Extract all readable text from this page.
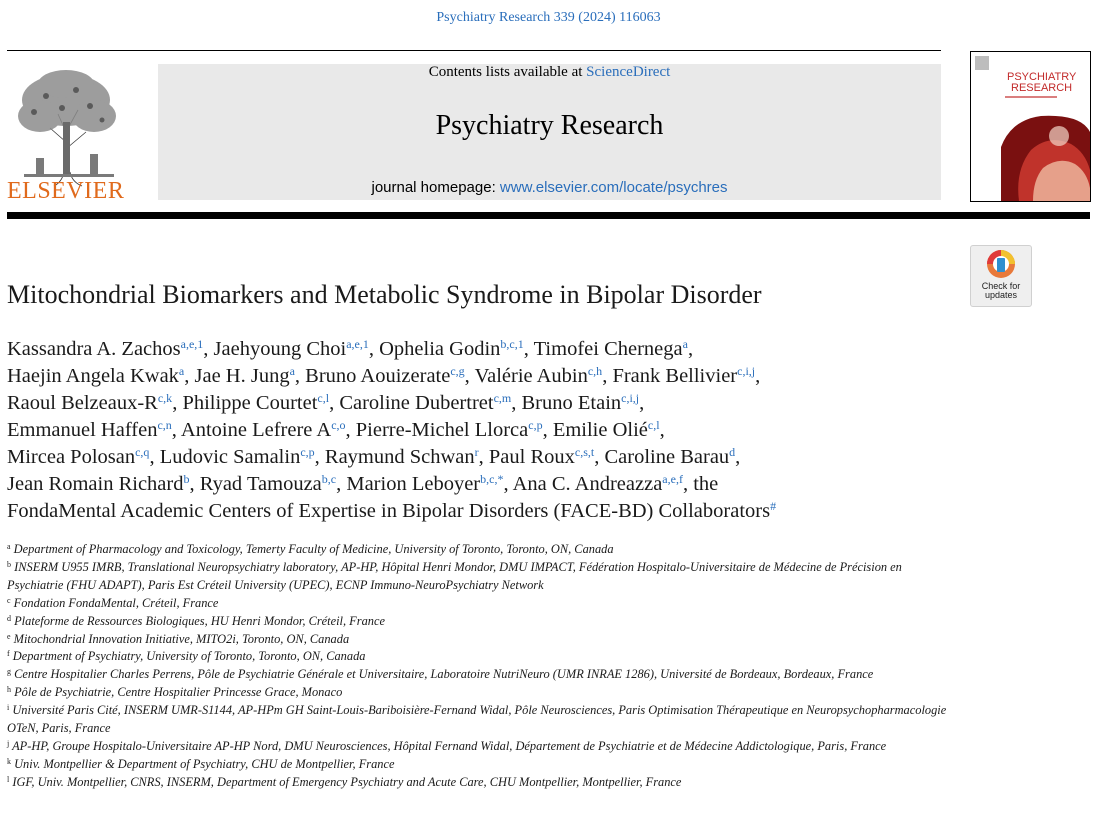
Psychiatry Research 339 (2024) 116063
ELSEVIER
Contents lists available at ScienceDirect
Psychiatry Research
journal homepage: www.elsevier.com/locate/psychres
PSYCHIATRY
RESEARCH
Check for
updates
Mitochondrial Biomarkers and Metabolic Syndrome in Bipolar Disorder
Kassandra A. Zachos$^{a,e,1}$, Jaehyoung Choi$^{a,e,1}$, Ophelia Godin$^{b,c,1}$, Timofei Chernega$^a$,
Haejin Angela Kwak$^a$, Jae H. Jung$^a$, Bruno Aouizerate$^{c,g}$, Valérie Aubin$^{c,h}$, Frank Bellivier$^{c,i,j}$,
Raoul Belzeaux-$R^{c,k}$, Philippe Courtet$^{c,l}$, Caroline Dubertret$^{c,m}$, Bruno Etain$^{c,i,j}$,
Emmanuel Haffen$^{c,n}$, Antoine Lefrere A$^{c,o}$, Pierre-Michel Llorca$^{c,p}$, Emilie Olié$^{c,l}$,
Mircea Polosan$^{c,q}$, Ludovic Samalin$^{c,p}$, Raymund Schwan$^r$, Paul Roux$^{c,s,t}$, Caroline Barau$^d$,
Jean Romain Richard$^b$, Ryad Tamouza$^{b,c}$, Marion Leboyer$^{b,c,*}$, Ana C. Andreazza$^{a,e,f}$, the
FondaMental Academic Centers of Expertise in Bipolar Disorders (FACE-BD) Collaborators#

$^a$ Department of Pharmacology and Toxicology, Temerty Faculty of Medicine, University of Toronto, Toronto, ON, Canada

$^b$ INSERM U955 IMRB, Translational Neuropsychiatry laboratory, AP-HP, Hôpital Henri Mondor, DMU IMPACT, Fédération Hospitalo-Universitaire de Médecine de Précision en Psychiatrie (FHU ADAPT), Paris Est Créteil University (UPEC), ECNP Immuno-NeuroPsychiatry Network

$^c$ Fondation FondaMental, Créteil, France

$^d$ Plateforme de Ressources Biologiques, HU Henri Mondor, Créteil, France

$^e$ Mitochondrial Innovation Initiative, MITO2i, Toronto, ON, Canada

$^f$ Department of Psychiatry, University of Toronto, Toronto, ON, Canada

$^g$ Centre Hospitalier Charles Perrens, Pôle de Psychiatrie Générale et Universitaire, Laboratoire NutriNeuro (UMR INRAE 1286), Université de Bordeaux, Bordeaux, France

$^h$ Pôle de Psychiatrie, Centre Hospitalier Princesse Grace, Monaco

$^i$ Université Paris Cité, INSERM UMR-S1144, AP-HPm GH Saint-Louis-Bariboisière-Fernand Widal, Pôle Neurosciences, Paris Optimisation Thérapeutique en Neuropsychopharmacologie OTeN, Paris, France

$^j$ AP-HP, Groupe Hospitalo-Universitaire AP-HP Nord, DMU Neurosciences, Hôpital Fernand Widal, Département de Psychiatrie et de Médecine Addictologique, Paris, France

$^k$ Univ. Montpellier & Department of Psychiatry, CHU de Montpellier, France

$^l$ IGF, Univ. Montpellier, CNRS, INSERM, Department of Emergency Psychiatry and Acute Care, CHU Montpellier, Montpellier, France
